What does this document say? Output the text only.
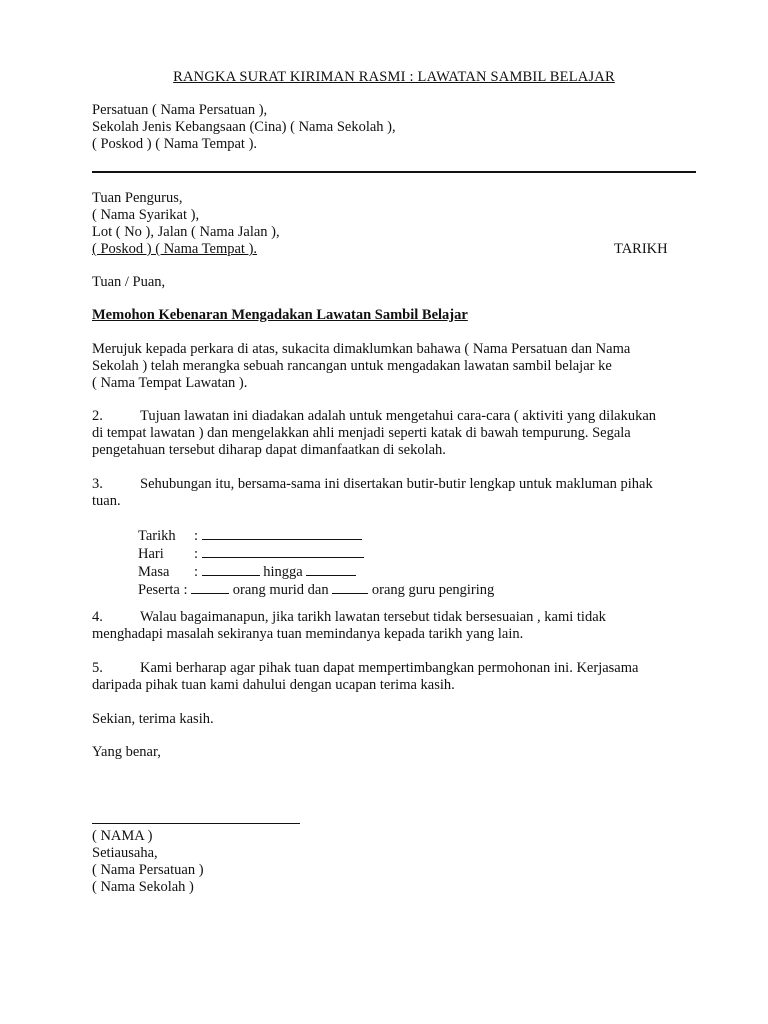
RANGKA SURAT KIRIMAN RASMI : LAWATAN SAMBIL BELAJAR
Persatuan ( Nama Persatuan ),
Sekolah Jenis Kebangsaan (Cina) ( Nama Sekolah ),
( Poskod ) ( Nama Tempat ).
Tuan Pengurus,
( Nama Syarikat ),
Lot ( No ), Jalan ( Nama Jalan ),
( Poskod ) ( Nama Tempat ).	TARIKH
Tuan / Puan,
Memohon Kebenaran Mengadakan Lawatan Sambil Belajar
Merujuk kepada perkara di atas, sukacita dimaklumkan bahawa ( Nama Persatuan dan Nama
Sekolah ) telah merangka sebuah rancangan untuk mengadakan lawatan sambil belajar ke
( Nama Tempat Lawatan ).
2.	Tujuan lawatan ini diadakan adalah untuk mengetahui cara-cara ( aktiviti yang dilakukan
di tempat lawatan ) dan mengelakkan ahli menjadi seperti katak di bawah tempurung. Segala
pengetahuan tersebut diharap dapat dimanfaatkan di sekolah.
3.	Sehubungan itu, bersama-sama ini disertakan butir-butir lengkap untuk makluman pihak
tuan.
Tarikh :
Hari :
Masa :	hingga
Peserta :	orang murid dan	orang guru pengiring
4.	Walau bagaimanapun, jika tarikh lawatan tersebut tidak bersesuaian , kami tidak
menghadapi masalah sekiranya tuan memindanya kepada tarikh yang lain.
5.	Kami berharap agar pihak tuan dapat mempertimbangkan permohonan ini. Kerjasama
daripada pihak tuan kami dahului dengan ucapan terima kasih.
Sekian, terima kasih.
Yang benar,
( NAMA )
Setiausaha,
( Nama Persatuan )
( Nama Sekolah )
